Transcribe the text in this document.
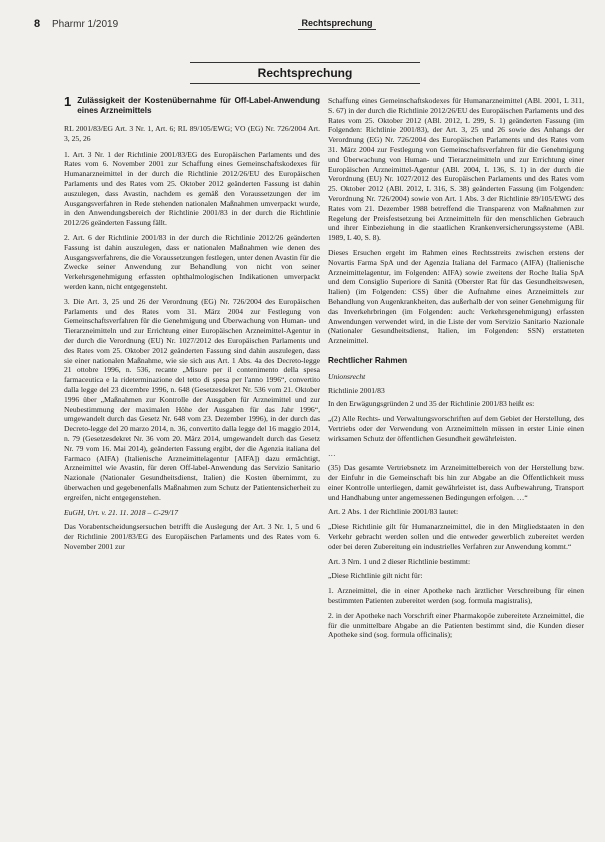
8 Pharmr 1/2019	Rechtsprechung
Rechtsprechung
1 Zulässigkeit der Kostenübernahme für Off-Label-Anwendung eines Arzneimittels
RL 2001/83/EG Art. 3 Nr. 1, Art. 6; RL 89/105/EWG; VO (EG) Nr. 726/2004 Art. 3, 25, 26

1. Art. 3 Nr. 1 der Richtlinie 2001/83/EG des Europäischen Parlaments und des Rates vom 6. November 2001 zur Schaffung eines Gemeinschaftskodexes für Humanarzneimittel in der durch die Richtlinie 2012/26/EU des Europäischen Parlaments und des Rates vom 25. Oktober 2012 geänderten Fassung ist dahin auszulegen, dass Avastin, nachdem es gemäß den Voraussetzungen der im Ausgangsverfahren in Rede stehenden nationalen Maßnahmen umverpackt wurde, in den Anwendungsbereich der Richtlinie 2001/83 in der durch die Richtlinie 2012/26 geänderten Fassung fällt.

2. Art. 6 der Richtlinie 2001/83 in der durch die Richtlinie 2012/26 geänderten Fassung ist dahin auszulegen, dass er nationalen Maßnahmen wie denen des Ausgangsverfahrens, die die Voraussetzungen festlegen, unter denen Avastin für die Zwecke seiner Anwendung zur Behandlung von nicht von seiner Verkehrsgenehmigung erfassten ophthalmologischen Indikationen umverpackt werden kann, nicht entgegensteht.

3. Die Art. 3, 25 und 26 der Verordnung (EG) Nr. 726/2004 des Europäischen Parlaments und des Rates vom 31. März 2004 zur Festlegung von Gemeinschaftsverfahren für die Genehmigung und Überwachung von Human- und Tierarzneimitteln und zur Errichtung einer Europäischen Arzneimittel-Agentur in der durch die Verordnung (EU) Nr. 1027/2012 des Europäischen Parlaments und des Rates vom 25. Oktober 2012 geänderten Fassung sind dahin auszulegen, dass sie einer nationalen Maßnahme, wie sie sich aus Art. 1 Abs. 4a des Decreto-legge 21 ottobre 1996, n. 536, recante „Misure per il contenimento della spesa farmaceutica e la rideterminazione del tetto di spesa per l'anno 1996“, convertito dalla legge del 23 dicembre 1996, n. 648 (Gesetzesdekret Nr. 536 vom 21. Oktober 1996 über „Maßnahmen zur Kontrolle der Ausgaben für Arzneimittel und zur Neubestimmung der maximalen Höhe der Ausgaben für das Jahr 1996“, umgewandelt durch das Gesetz Nr. 648 vom 23. Dezember 1996), in der durch das Decreto-legge del 20 marzo 2014, n. 36, convertito dalla legge del 16 maggio 2014, n. 79 (Gesetzesdekret Nr. 36 vom 20. März 2014, umgewandelt durch das Gesetz Nr. 79 vom 16. Mai 2014), geänderten Fassung ergibt, der die Agenzia italiana del Farmaco (AIFA) (Italienische Arzneimittelagentur [AIFA]) dazu ermächtigt, Arzneimittel wie Avastin, für deren Off-label-Anwendung das Servizio Sanitario Nazionale (Nationaler Gesundheitsdienst, Italien) die Kosten übernimmt, zu überwachen und gegebenenfalls Maßnahmen zum Schutz der Patientensicherheit zu ergreifen, nicht entgegenstehen.

EuGH, Urt. v. 21. 11. 2018 – C-29/17

Das Vorabentscheidungsersuchen betrifft die Auslegung der Art. 3 Nr. 1, 5 und 6 der Richtlinie 2001/83/EG des Europäischen Parlaments und des Rates vom 6. November 2001 zur

Schaffung eines Gemeinschaftskodexes für Humanarzneimittel (ABl. 2001, L 311, S. 67) in der durch die Richtlinie 2012/26/EU des Europäischen Parlaments und des Rates vom 25. Oktober 2012 (ABl. 2012, L 299, S. 1) geänderten Fassung (im Folgenden: Richtlinie 2001/83), der Art. 3, 25 und 26 sowie des Anhangs der Verordnung (EG) Nr. 726/2004 des Europäischen Parlaments und des Rates vom 31. März 2004 zur Festlegung von Gemeinschaftsverfahren für die Genehmigung und Überwachung von Human- und Tierarzneimitteln und zur Errichtung einer Europäischen Arzneimittel-Agentur (ABl. 2004, L 136, S. 1) in der durch die Verordnung (EU) Nr. 1027/2012 des Europäischen Parlaments und des Rates vom 25. Oktober 2012 (ABl. 2012, L 316, S. 38) geänderten Fassung (im Folgenden: Verordnung Nr. 726/2004) sowie von Art. 1 Abs. 3 der Richtlinie 89/105/EWG des Rates vom 21. Dezember 1988 betreffend die Transparenz von Maßnahmen zur Regelung der Preisfestsetzung bei Arzneimitteln für den menschlichen Gebrauch und ihrer Einbeziehung in die staatlichen Krankenversicherungssysteme (ABl. 1989, L 40, S. 8).

Dieses Ersuchen ergeht im Rahmen eines Rechtsstreits zwischen erstens der Novartis Farma SpA und der Agenzia Italiana del Farmaco (AIFA) (Italienische Arzneimittelagentur, im Folgenden: AIFA) sowie zweitens der Roche Italia SpA und dem Consiglio Superiore di Sanità (Oberster Rat für das Gesundheitswesen, Italien) (im Folgenden: CSS) über die Aufnahme eines Arzneimittels zur Behandlung von Augenkrankheiten, das außerhalb der von seiner Genehmigung für das Inverkehrbringen (im Folgenden: auch: Verkehrsgenehmigung) erfassten Anwendungen verwendet wird, in die Liste der vom Servizio Sanitario Nazionale (Nationaler Gesundheitsdienst, Italien, im Folgenden: SSN) erstatteten Arzneimittel.

Rechtlicher Rahmen
Unionsrecht
Richtlinie 2001/83

In den Erwägungsgründen 2 und 35 der Richtlinie 2001/83 heißt es:

„(2) Alle Rechts- und Verwaltungsvorschriften auf dem Gebiet der Herstellung, des Vertriebs oder der Verwendung von Arzneimitteln müssen in erster Linie einen wirksamen Schutz der öffentlichen Gesundheit gewährleisten.

…

(35) Das gesamte Vertriebsnetz im Arzneimittelbereich von der Herstellung bzw. der Einfuhr in die Gemeinschaft bis hin zur Abgabe an die Öffentlichkeit muss einer Kontrolle unterliegen, damit gewährleistet ist, dass Aufbewahrung, Transport und Handhabung unter angemessenen Bedingungen erfolgen. …“

Art. 2 Abs. 1 der Richtlinie 2001/83 lautet:

„Diese Richtlinie gilt für Humanarzneimittel, die in den Mitgliedstaaten in den Verkehr gebracht werden sollen und die entweder gewerblich zubereitet werden oder bei deren Zubereitung ein industrielles Verfahren zur Anwendung kommt.“

Art. 3 Nrn. 1 und 2 dieser Richtlinie bestimmt:

„Diese Richtlinie gilt nicht für:

1. Arzneimittel, die in einer Apotheke nach ärztlicher Verschreibung für einen bestimmten Patienten zubereitet werden (sog. formula magistralis),

2. in der Apotheke nach Vorschrift einer Pharmakopöe zubereitete Arzneimittel, die für die unmittelbare Abgabe an die Patienten bestimmt sind, die Kunden dieser Apotheke sind (sog. formula officinalis);
